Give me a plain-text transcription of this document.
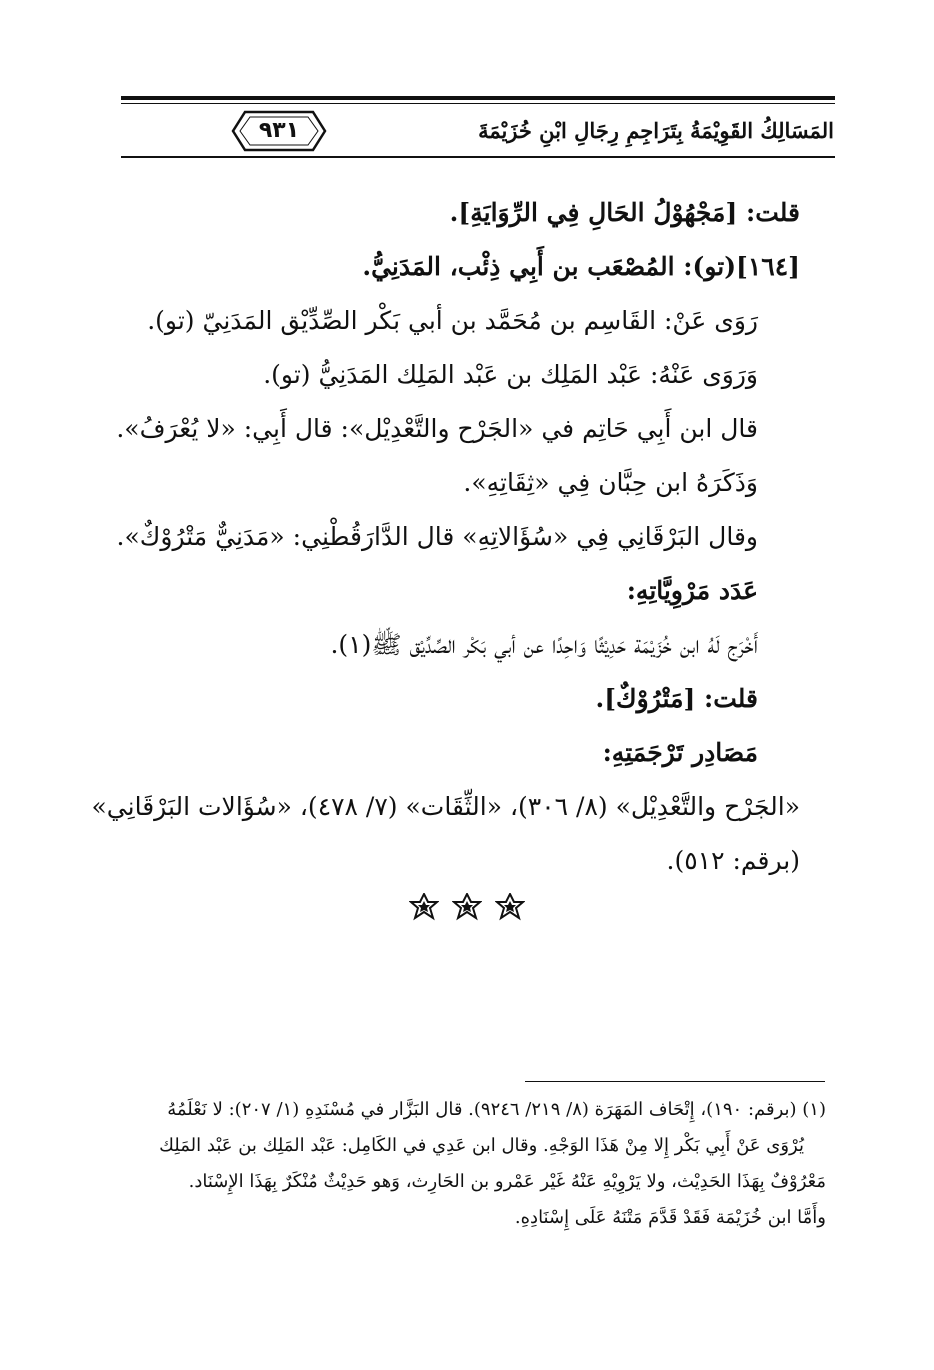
٩٣١	المَسَالِكُ القَوِيْمَةُ بِتَرَاجِمِ رِجَالِ ابْنِ خُزَيْمَةَ
قلت: [مَجْهُوْلُ الحَالِ فِي الرِّوَايَةِ].
[١٦٤](تو): المُصْعَب بن أَبِي ذِئْب، المَدَنِيُّ.
رَوَى عَنْ: القَاسِم بن مُحَمَّد بن أبي بَكْر الصِّدِّيْق المَدَنِيّ (تو).
وَرَوَى عَنْهُ: عَبْد المَلِك بن عَبْد المَلِك المَدَنِيُّ (تو).
قال ابن أَبِي حَاتِم في «الجَرْح والتَّعْدِيْل»: قال أَبِي: «لا يُعْرَفُ».
وَذَكَرَهُ ابن حِبَّان فِي «ثِقَاتِهِ».
وقال البَرْقَانِي فِي «سُؤَالاتِهِ» قال الدَّارَقُطْنِي: «مَدَنِيٌّ مَتْرُوْكٌ».
عَدَد مَرْوِيَّاتِهِ:
أَخْرَج لَهُ ابن خُزَيْمَة حَدِيْثًا وَاحِدًا عن أبي بَكْر الصِّدِّيْق ﷺ(١).
قلت: [مَتْرُوْكٌ].
مَصَادِر تَرْجَمَتِهِ:
«الجَرْح والتَّعْدِيْل» (٨/ ٣٠٦)، «الثِّقَات» (٧/ ٤٧٨)، «سُؤَالات البَرْقَانِي»
(برقم: ٥١٢).

(١) (برقم: ١٩٠)، إِتْحَاف المَهَرَة (٨/ ٢١٩/ ٩٢٤٦). قال البَزَّار في مُسْنَدِهِ (١/ ٢٠٧): لا نَعْلَمُهُ
يُرْوَى عَنْ أَبِي بَكْر إِلا مِنْ هَذَا الوَجْهِ. وقال ابن عَدِي في الكَامِل: عَبْد المَلِك بن عَبْد المَلِك
مَعْرُوْفٌ بِهَذَا الحَدِيْث، ولا يَرْوِيْهِ عَنْهُ غَيْر عَمْرو بن الحَارِث، وَهو حَدِيْثٌ مُنْكَرٌ بِهَذَا الإِسْنَاد.
وأَمَّا ابن خُزَيْمَة فَقَدْ قَدَّمَ مَتْنَهُ عَلَى إِسْنَادِهِ.
